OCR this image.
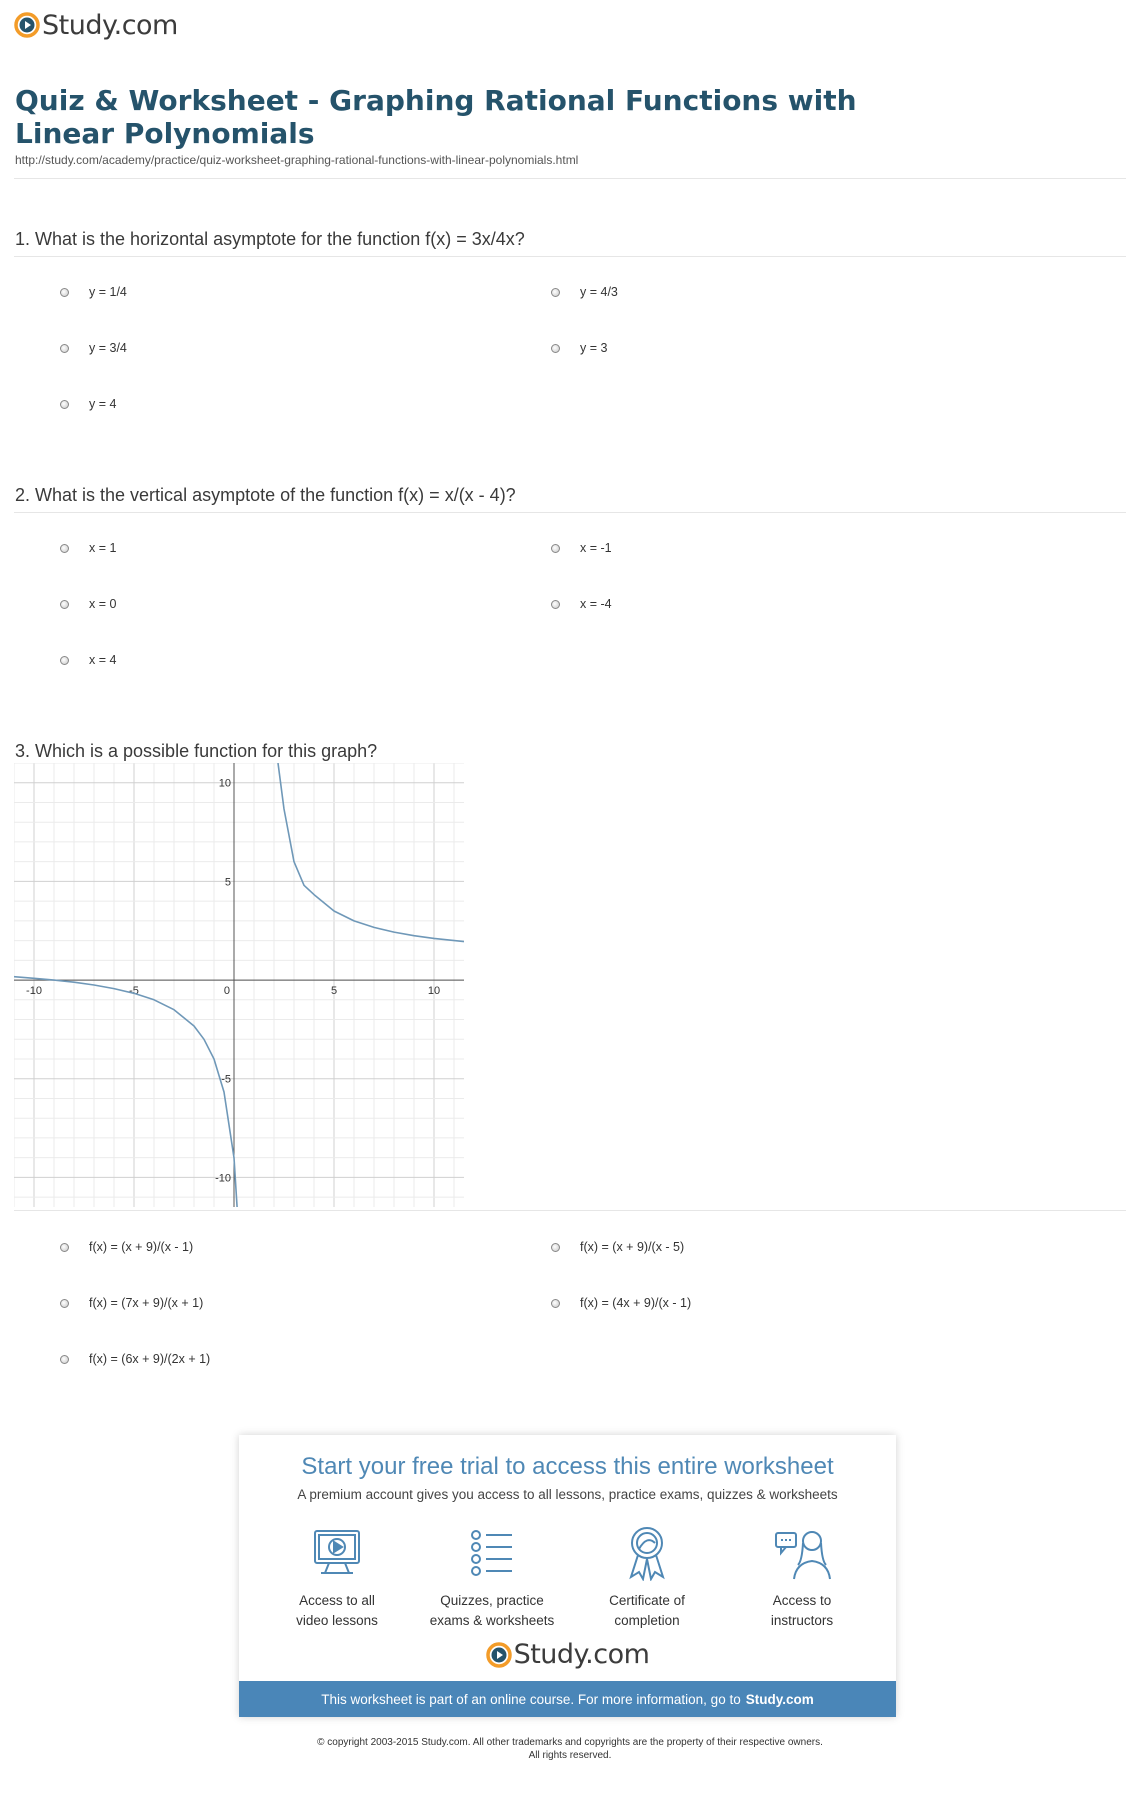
Study.com
Quiz & Worksheet - Graphing Rational Functions with Linear Polynomials
http://study.com/academy/practice/quiz-worksheet-graphing-rational-functions-with-linear-polynomials.html
1. What is the horizontal asymptote for the function f(x) = 3x/4x?
y = 1/4	y = 4/3
y = 3/4	y = 3
y = 4
2. What is the vertical asymptote of the function f(x) = x/(x - 4)?
x = 1	x = -1
x = 0	x = -4
x = 4
3. Which is a possible function for this graph?
-10	-5	0	5	10
10
5
-5
-10
f(x) = (x + 9)/(x - 1)	f(x) = (x + 9)/(x - 5)
f(x) = (7x + 9)/(x + 1)	f(x) = (4x + 9)/(x - 1)
f(x) = (6x + 9)/(2x + 1)
Start your free trial to access this entire worksheet
A premium account gives you access to all lessons, practice exams, quizzes & worksheets
Access to all
video lessons
Quizzes, practice
exams & worksheets
Certificate of
completion
Access to
instructors
Study.com
This worksheet is part of an online course. For more information, go to Study.com
© copyright 2003-2015 Study.com. All other trademarks and copyrights are the property of their respective owners.
All rights reserved.
